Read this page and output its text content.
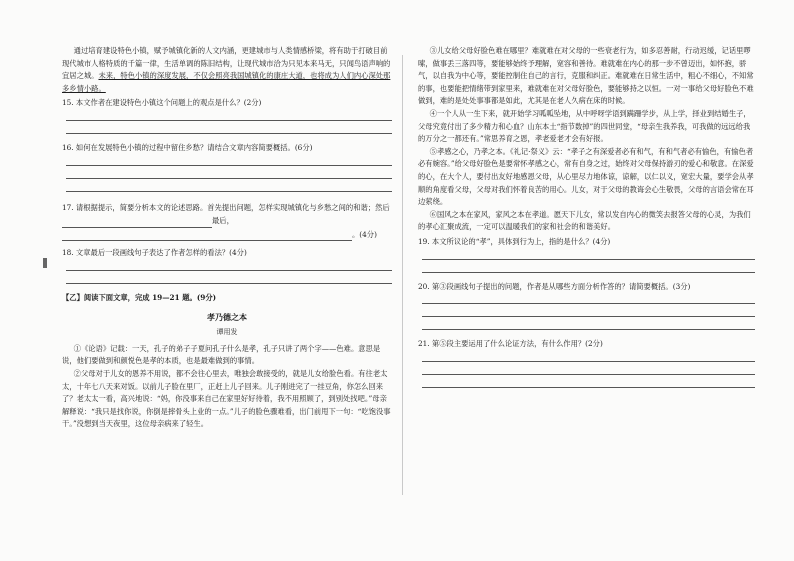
通过培育建设特色小镇，赋予城镇化新的人文内涵，更建城市与人类情感桥梁，将有助于打破目前现代城市人格特质的千篇一律，生活单调的陈旧结构，让现代城市洽为只见本来马无，只闻鸟语声响的宜居之城。未来，特色小镇的深度发展，不仅会照亮我国城镇化的康庄大道，也将成为人们内心深处那多乡情小路。

15. 本文作者在建设特色小镇这个问题上的观点是什么？(2分)

16. 如何在发展特色小镇的过程中留住乡愁？请结合文章内容简要概括。(6分)

17. 请根据提示，简要分析本文的论述思路。首先提出问题，怎样实现城镇化与乡愁之间的和谐；然后

最后，

。(4分)

18. 文章最后一段画线句子表达了作者怎样的看法？(4分)

【乙】阅读下面文章，完成 19—21 题。(9分)

孝乃德之本

谭用发

①《论语》记载：一天，孔子的弟子子夏问孔子什么是孝，孔子只讲了两个字——色难。意思是说，他们要做到和颜悦色是孝的本质，也是最难做到的事情。

②父母对于儿女的恩养不用说，都不会往心里去，唯独会敢接受的，就是儿女给脸色看。有往老太太，十年七八天来对饭。以前儿子脸在里厂，正赶上儿子回来。儿子刚进完了一挂豆角，你怎么回来了？老太太一看，高兴地说：“妈，你没事来自己在家里好好待着，我不用照顾了，到别处找吧。”母亲解释说：“我只是找你说，你倒是摔骨头上业的一点。”儿子的脸色骤难看，出门前甩下一句：“吃饱没事干。”没想到当天夜里，这位母亲病来了轻生。

③儿女给父母好脸色难在哪里？难就难在对父母的一些衰老行为，如多忍善耐，行动迟缓，记话里啰嗦，做事丢三落四等，要能够始终予理解，宽容和善待。难就难在内心的那一步不曾迈出，如怀抱，骄气，以自我为中心等，要能控制住自己的言行，克服和纠正。难就难在日常生活中，粗心不细心，不知常的事，也要能把情绪带到家里来，难就难在对父母好脸色，要能够持之以恒。一对一事给父母好脸色不难做到，难的是处处事事都是如此，尤其是在老人久病在床的时候。

④一个人从一生下来，就开始学习呱呱坠地，从中呼呀学语到蹒跚学步，从上学，择业到结婚生子，父母究竟付出了多少精力和心血？山东本土“指节数掉”的四世同堂，“母亲生我养我，可我做的远远给我的万分之一都还有。”常思养育之恩，孝老爱老才会有好报。

⑤孝感之心，乃孝之本。《礼记·祭义》云：“孝子之有深爱者必有和气，有和气者必有愉色，有愉色者必有婉容。”给父母好脸色是要常怀孝感之心，常有自身之过，始终对父母保持游刃的爱心和敬意。在深爱的心，在大个人，要付出友好地感恩父母，从心里尽力地体谅，谅解，以仁以义，宽宏大量，要学会从孝顺的角度看父母，父母对我们怀着良苦的用心。儿女，对于父母的教诲会心生敬畏，父母的言语会常在耳边萦绕。

⑥国风之本在家风，家风之本在孝道。愿天下儿女，常以发自内心的微笑去报答父母的心灵，为我们的孝心汇聚成流，一定可以温暖我们的家和社会的和谐美好。

19. 本文所议论的“孝”，具体到行为上，指的是什么？(4分)

20. 第③段画线句子提出的问题，作者是从哪些方面分析作答的？请简要概括。(3分)

21. 第⑤段主要运用了什么论证方法，有什么作用？(2分)
